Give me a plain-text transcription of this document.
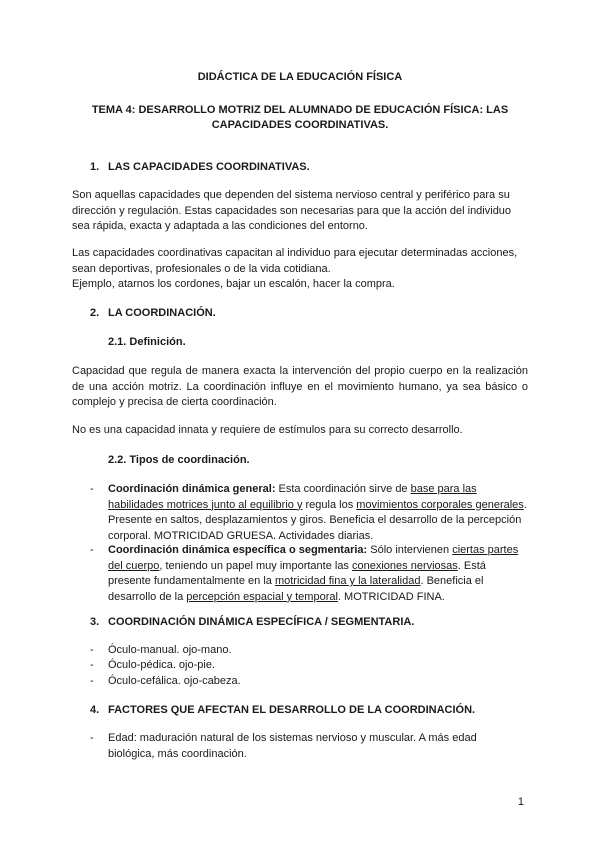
DIDÁCTICA DE LA EDUCACIÓN FÍSICA
TEMA 4: DESARROLLO MOTRIZ DEL ALUMNADO DE EDUCACIÓN FÍSICA: LAS
CAPACIDADES COORDINATIVAS.
1. LAS CAPACIDADES COORDINATIVAS.
Son aquellas capacidades que dependen del sistema nervioso central y periférico para su dirección y regulación. Estas capacidades son necesarias para que la acción del individuo sea rápida, exacta y adaptada a las condiciones del entorno.
Las capacidades coordinativas capacitan al individuo para ejecutar determinadas acciones,
sean deportivas, profesionales o de la vida cotidiana.
Ejemplo, atarnos los cordones, bajar un escalón, hacer la compra.
2. LA COORDINACIÓN.
2.1. Definición.
Capacidad que regula de manera exacta la intervención del propio cuerpo en la realización de una acción motriz. La coordinación influye en el movimiento humano, ya sea básico o complejo y precisa de cierta coordinación.
No es una capacidad innata y requiere de estímulos para su correcto desarrollo.
2.2. Tipos de coordinación.
- Coordinación dinámica general: Esta coordinación sirve de base para las habilidades motrices junto al equilibrio y regula los movimientos corporales generales. Presente en saltos, desplazamientos y giros. Beneficia el desarrollo de la percepción corporal. MOTRICIDAD GRUESA. Actividades diarias.
- Coordinación dinámica específica o segmentaria: Sólo intervienen ciertas partes del cuerpo, teniendo un papel muy importante las conexiones nerviosas. Está presente fundamentalmente en la motricidad fina y la lateralidad. Beneficia el desarrollo de la percepción espacial y temporal. MOTRICIDAD FINA.
3. COORDINACIÓN DINÁMICA ESPECÍFICA / SEGMENTARIA.
- Óculo-manual. ojo-mano.
- Óculo-pédica. ojo-pie.
- Óculo-cefálica. ojo-cabeza.
4. FACTORES QUE AFECTAN EL DESARROLLO DE LA COORDINACIÓN.
- Edad: maduración natural de los sistemas nervioso y muscular. A más edad biológica, más coordinación.
1
